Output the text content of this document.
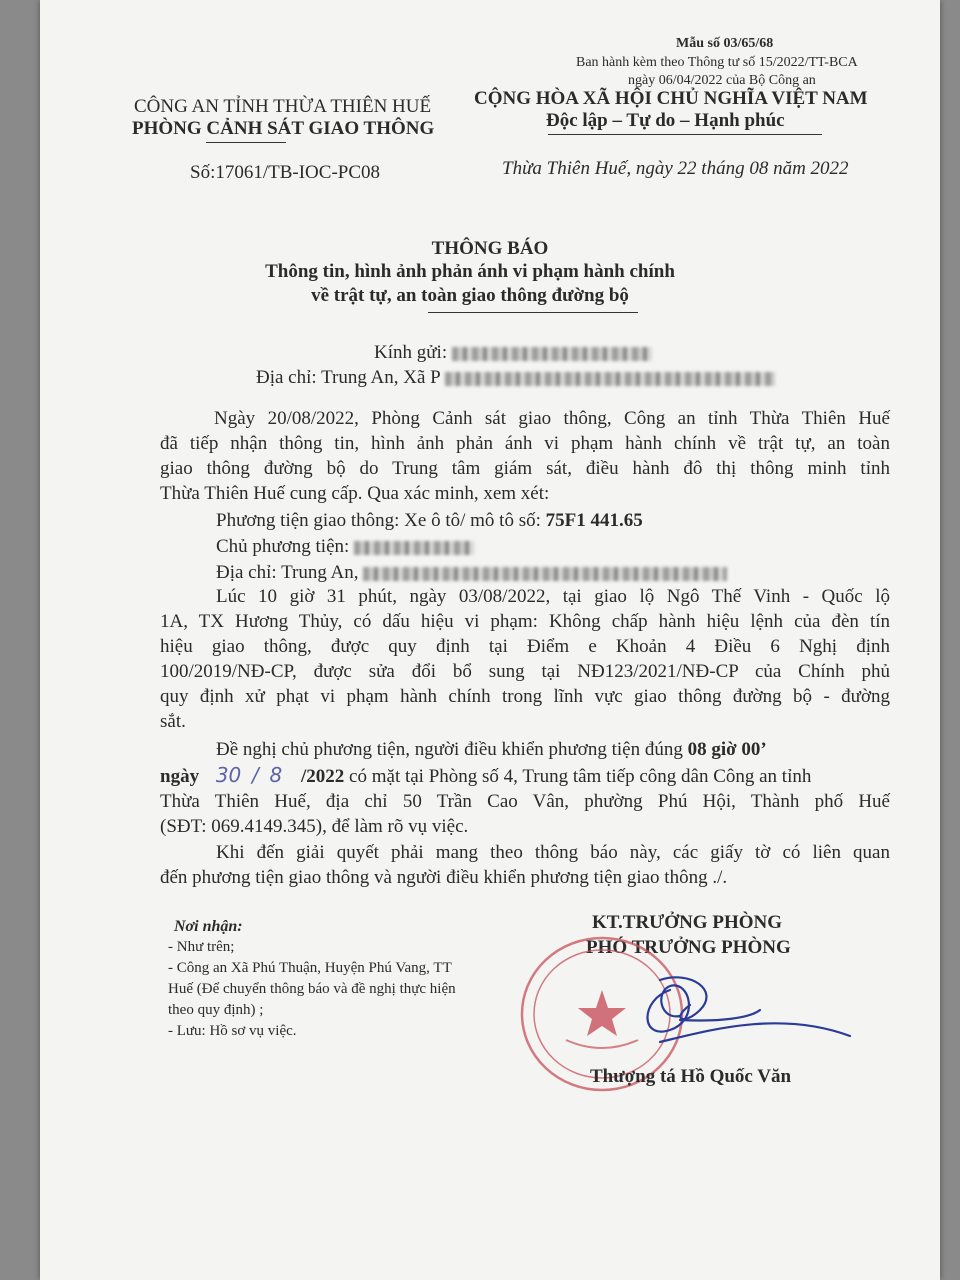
Mẫu số 03/65/68
Ban hành kèm theo Thông tư số 15/2022/TT-BCA
ngày 06/04/2022 của Bộ Công an
CÔNG AN TỈNH THỪA THIÊN HUẾ
PHÒNG CẢNH SÁT GIAO THÔNG
Số:17061/TB-IOC-PC08
CỘNG HÒA XÃ HỘI CHỦ NGHĨA VIỆT NAM
Độc lập – Tự do – Hạnh phúc
Thừa Thiên Huế, ngày 22 tháng 08 năm 2022
THÔNG BÁO
Thông tin, hình ảnh phản ánh vi phạm hành chính
về trật tự, an toàn giao thông đường bộ
Kính gửi:
Địa chỉ: Trung An, Xã P
Ngày 20/08/2022, Phòng Cảnh sát giao thông, Công an tỉnh Thừa Thiên Huế
đã tiếp nhận thông tin, hình ảnh phản ánh vi phạm hành chính về trật tự, an toàn
giao thông đường bộ do Trung tâm giám sát, điều hành đô thị thông minh tỉnh
Thừa Thiên Huế cung cấp. Qua xác minh, xem xét:
Phương tiện giao thông: Xe ô tô/ mô tô số: 75F1 441.65
Chủ phương tiện:
Địa chỉ: Trung An,
Lúc 10 giờ 31 phút, ngày 03/08/2022, tại giao lộ Ngô Thế Vinh - Quốc lộ
1A, TX Hương Thủy, có dấu hiệu vi phạm: Không chấp hành hiệu lệnh của đèn tín
hiệu giao thông, được quy định tại Điểm e Khoản 4 Điều 6 Nghị định
100/2019/NĐ-CP, được sửa đổi bổ sung tại NĐ123/2021/NĐ-CP của Chính phủ
quy định xử phạt vi phạm hành chính trong lĩnh vực giao thông đường bộ - đường
sắt.
Đề nghị chủ phương tiện, người điều khiển phương tiện đúng 08 giờ 00’
ngày 30 / 8 /2022 có mặt tại Phòng số 4, Trung tâm tiếp công dân Công an tỉnh
Thừa Thiên Huế, địa chỉ 50 Trần Cao Vân, phường Phú Hội, Thành phố Huế
(SĐT: 069.4149.345), để làm rõ vụ việc.
Khi đến giải quyết phải mang theo thông báo này, các giấy tờ có liên quan
đến phương tiện giao thông và người điều khiển phương tiện giao thông ./.
Nơi nhận:
- Như trên;
- Công an Xã Phú Thuận, Huyện Phú Vang, TT
Huế (Để chuyển thông báo và đề nghị thực hiện
theo quy định) ;
- Lưu: Hồ sơ vụ việc.
KT.TRƯỞNG PHÒNG
PHÓ TRƯỞNG PHÒNG
Thượng tá Hồ Quốc Văn
